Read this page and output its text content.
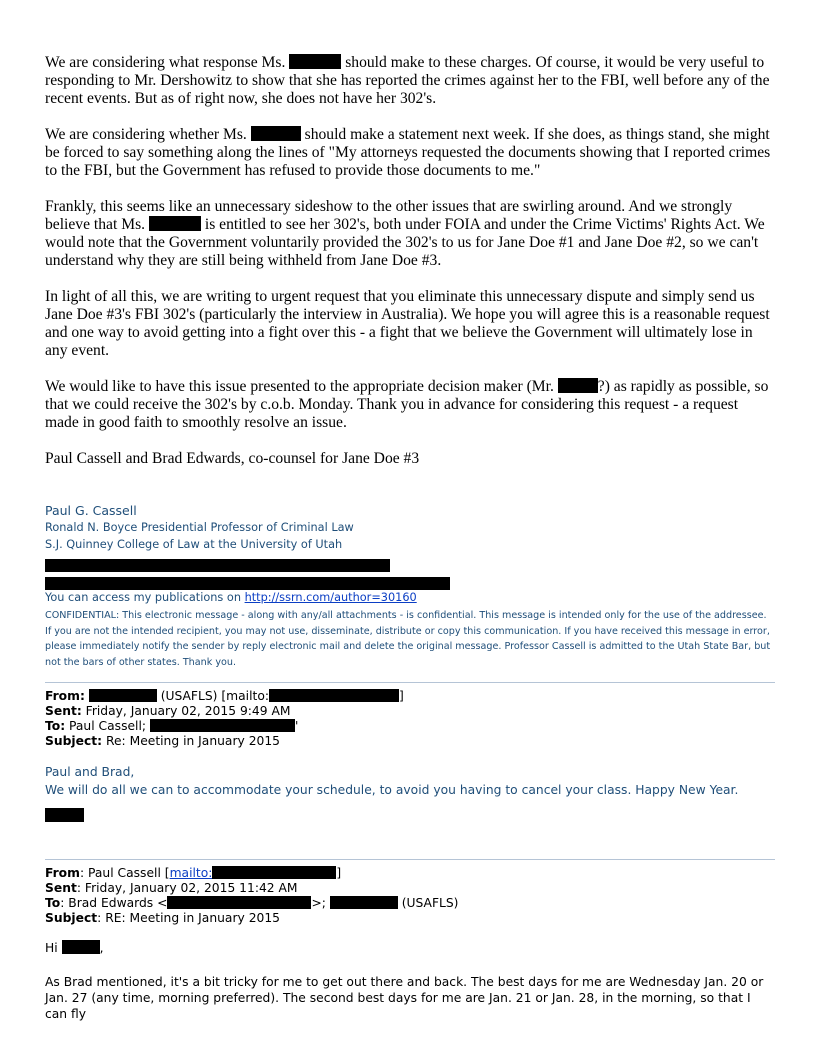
We are considering what response Ms.	should make to these charges. Of course, it would be very useful to responding to Mr. Dershowitz to show that she has reported the crimes against her to the FBI, well before any of the recent events. But as of right now, she does not have her 302's.

We are considering whether Ms.	should make a statement next week. If she does, as things stand, she might be forced to say something along the lines of "My attorneys requested the documents showing that I reported crimes to the FBI, but the Government has refused to provide those documents to me."

Frankly, this seems like an unnecessary sideshow to the other issues that are swirling around. And we strongly believe that Ms.	is entitled to see her 302's, both under FOIA and under the Crime Victims' Rights Act. We would note that the Government voluntarily provided the 302's to us for Jane Doe #1 and Jane Doe #2, so we can't understand why they are still being withheld from Jane Doe #3.

In light of all this, we are writing to urgent request that you eliminate this unnecessary dispute and simply send us Jane Doe #3's FBI 302's (particularly the interview in Australia). We hope you will agree this is a reasonable request and one way to avoid getting into a fight over this - a fight that we believe the Government will ultimately lose in any event.

We would like to have this issue presented to the appropriate decision maker (Mr.	?) as rapidly as possible, so that we could receive the 302's by c.o.b. Monday. Thank you in advance for considering this request - a request made in good faith to smoothly resolve an issue.

Paul Cassell and Brad Edwards, co-counsel for Jane Doe #3

Paul G. Cassell
Ronald N. Boyce Presidential Professor of Criminal Law
S.J. Quinney College of Law at the University of Utah
You can access my publications on http://ssrn.com/author=30160
CONFIDENTIAL: This electronic message - along with any/all attachments - is confidential. This message is intended only for the use of the addressee. If you are not the intended recipient, you may not use, disseminate, distribute or copy this communication. If you have received this message in error, please immediately notify the sender by reply electronic mail and delete the original message. Professor Cassell is admitted to the Utah State Bar, but not the bars of other states. Thank you.
From:	(USAFLS) [mailto:	]
Sent: Friday, January 02, 2015 9:49 AM
To: Paul Cassell;	'
Subject: Re: Meeting in January 2015
Paul and Brad,
We will do all we can to accommodate your schedule, to avoid you having to cancel your class. Happy New Year.
From: Paul Cassell [mailto:	]
Sent: Friday, January 02, 2015 11:42 AM
To: Brad Edwards <	>;	(USAFLS)
Subject: RE: Meeting in January 2015
Hi	,
As Brad mentioned, it's a bit tricky for me to get out there and back. The best days for me are Wednesday Jan. 20 or Jan. 27 (any time, morning preferred). The second best days for me are Jan. 21 or Jan. 28, in the morning, so that I can fly
